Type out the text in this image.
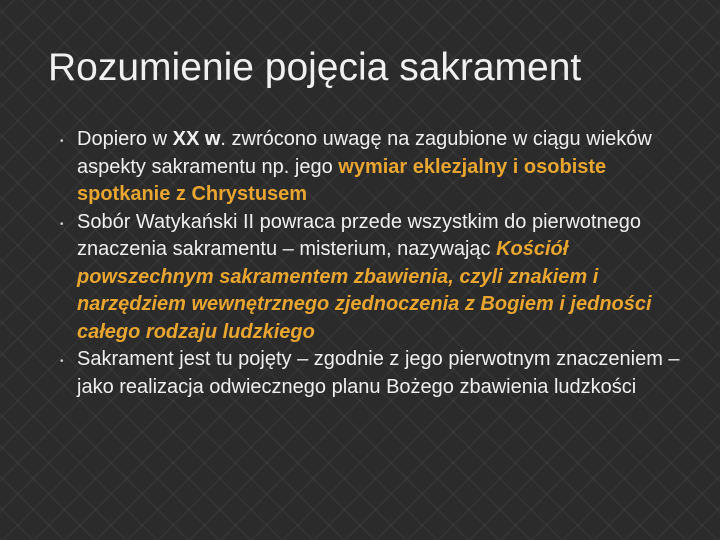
Rozumienie pojęcia sakrament
• Dopiero w XX w. zwrócono uwagę na zagubione w ciągu wieków aspekty sakramentu np. jego wymiar eklezjalny i osobiste spotkanie z Chrystusem
• Sobór Watykański II powraca przede wszystkim do pierwotnego znaczenia sakramentu – misterium, nazywając Kościół powszechnym sakramentem zbawienia, czyli znakiem i narzędziem wewnętrznego zjednoczenia z Bogiem i jedności całego rodzaju ludzkiego
• Sakrament jest tu pojęty – zgodnie z jego pierwotnym znaczeniem – jako realizacja odwiecznego planu Bożego zbawienia ludzkości
